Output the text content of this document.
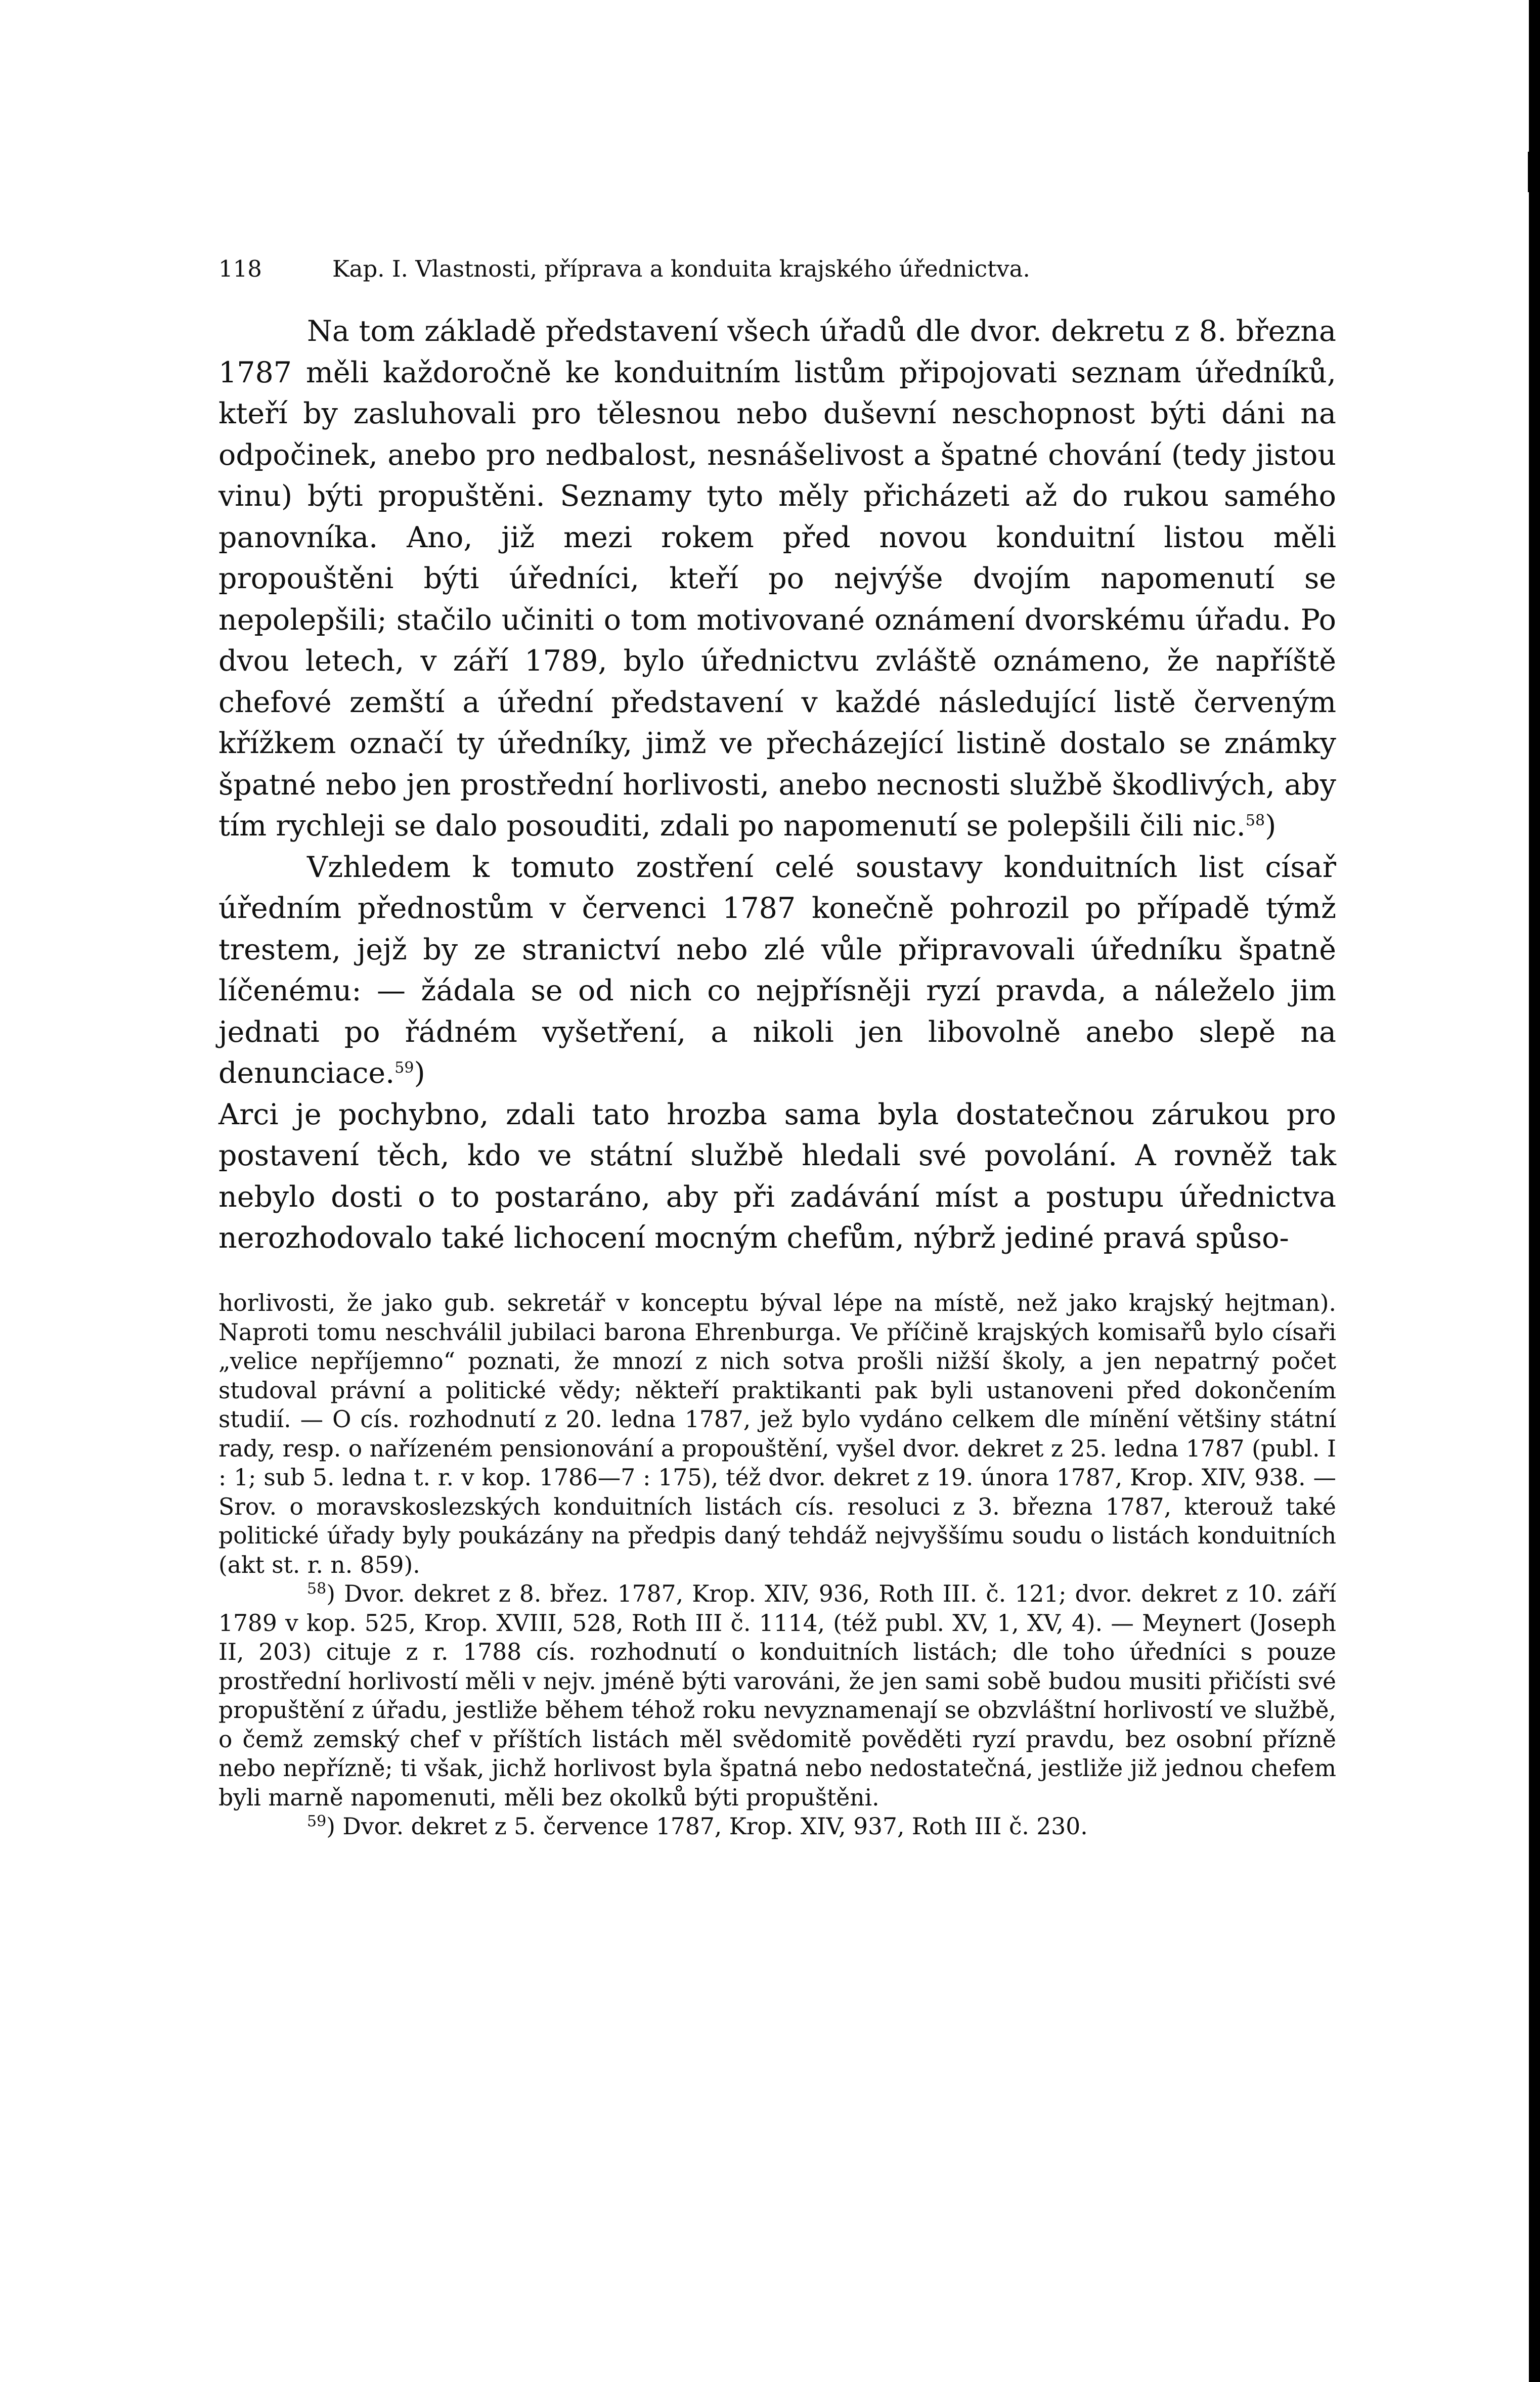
118	Kap. I. Vlastnosti, příprava a konduita krajského úřednictva.

Na tom základě představení všech úřadů dle dvor. dekretu z 8. března 1787 měli každoročně ke konduitním listům připojovati seznam úředníků, kteří by zasluhovali pro tělesnou nebo duševní neschopnost býti dáni na odpočinek, anebo pro nedbalost, nesnášelivost a špatné chování (tedy jistou vinu) býti propuštěni. Seznamy tyto měly přicházeti až do rukou samého panovníka. Ano, již mezi rokem před novou konduitní listou měli propouštěni býti úředníci, kteří po nejvýše dvojím napomenutí se nepolepšili; stačilo učiniti o tom motivované oznámení dvorskému úřadu. Po dvou letech, v září 1789, bylo úřednictvu zvláště oznámeno, že napříště chefové zemští a úřední představení v každé následující listě červeným křížkem označí ty úředníky, jimž ve přecházející listině dostalo se známky špatné nebo jen prostřední horlivosti, anebo necnosti službě škodlivých, aby tím rychleji se dalo posouditi, zdali po napomenutí se polepšili čili nic.$^{58}$)

Vzhledem k tomuto zostření celé soustavy konduitních list císař úředním přednostům v červenci 1787 konečně pohrozil po případě týmž trestem, jejž by ze stranictví nebo zlé vůle připravovali úředníku špatně líčenému: — žádala se od nich co nejpřísněji ryzí pravda, a náleželo jim jednati po řádném vyšetření, a nikoli jen libovolně anebo slepě na denunciace.$^{59}$)

Arci je pochybno, zdali tato hrozba sama byla dostatečnou zárukou pro postavení těch, kdo ve státní službě hledali své povolání. A rovněž tak nebylo dosti o to postaráno, aby při zadávání míst a postupu úřednictva nerozhodovalo také lichocení mocným chefům, nýbrž jediné pravá spůso-

horlivosti, že jako gub. sekretář v konceptu býval lépe na místě, než jako krajský hejtman). Naproti tomu neschválil jubilaci barona Ehrenburga. Ve příčině krajských komisařů bylo císaři „velice nepříjemno“ poznati, že mnozí z nich sotva prošli nižší školy, a jen nepatrný počet studoval právní a politické vědy; někteří praktikanti pak byli ustanoveni před dokončením studií. — O cís. rozhodnutí z 20. ledna 1787, jež bylo vydáno celkem dle mínění většiny státní rady, resp. o nařízeném pensionování a propouštění, vyšel dvor. dekret z 25. ledna 1787 (publ. I : 1; sub 5. ledna t. r. v kop. 1786—7 : 175), též dvor. dekret z 19. února 1787, Krop. XIV, 938. — Srov. o moravskoslezských konduitních listách cís. resoluci z 3. března 1787, kterouž také politické úřady byly poukázány na předpis daný tehdáž nejvyššímu soudu o listách konduitních (akt st. r. n. 859).

$^{58}$) Dvor. dekret z 8. břez. 1787, Krop. XIV, 936, Roth III. č. 121; dvor. dekret z 10. září 1789 v kop. 525, Krop. XVIII, 528, Roth III č. 1114, (též publ. XV, 1, XV, 4). — Meynert (Joseph II, 203) cituje z r. 1788 cís. rozhodnutí o konduitních listách; dle toho úředníci s pouze prostřední horlivostí měli v nejv. jméně býti varováni, že jen sami sobě budou musiti přičísti své propuštění z úřadu, jestliže během téhož roku nevyznamenají se obzvláštní horlivostí ve službě, o čemž zemský chef v příštích listách měl svědomitě pověděti ryzí pravdu, bez osobní přízně nebo nepřízně; ti však, jichž horlivost byla špatná nebo nedostatečná, jestliže již jednou chefem byli marně napomenuti, měli bez okolků býti propuštěni.

$^{59}$) Dvor. dekret z 5. července 1787, Krop. XIV, 937, Roth III č. 230.
